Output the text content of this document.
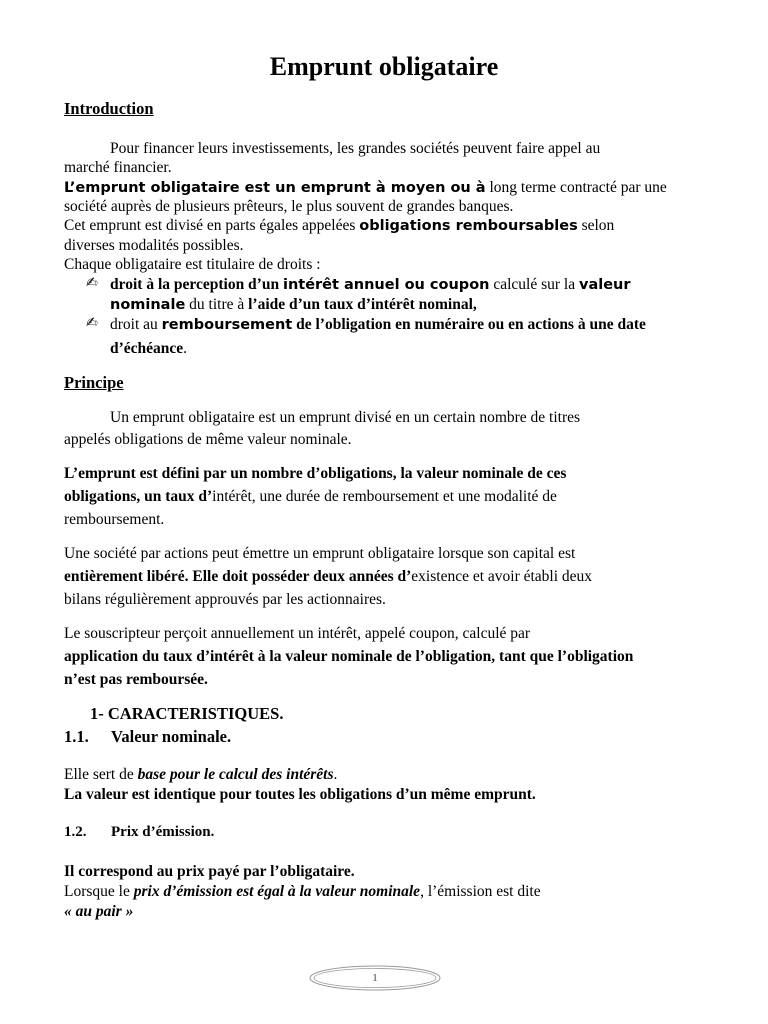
Emprunt obligataire

Introduction

Pour financer leurs investissements, les grandes sociétés peuvent faire appel au

marché financier.

L’emprunt obligataire est un emprunt à moyen ou à long terme contracté par une

société auprès de plusieurs prêteurs, le plus souvent de grandes banques.

Cet emprunt est divisé en parts égales appelées obligations remboursables selon

diverses modalités possibles.

Chaque obligataire est titulaire de droits :

✍ droit à la perception d’un intérêt annuel ou coupon calculé sur la valeur

nominale du titre à l’aide d’un taux d’intérêt nominal,

✍ droit au remboursement de l’obligation en numéraire ou en actions à une date

d’échéance.

Principe

Un emprunt obligataire est un emprunt divisé en un certain nombre de titres

appelés obligations de même valeur nominale.

L’emprunt est défini par un nombre d’obligations, la valeur nominale de ces

obligations, un taux d’intérêt, une durée de remboursement et une modalité de

remboursement.

Une société par actions peut émettre un emprunt obligataire lorsque son capital est

entièrement libéré. Elle doit posséder deux années d’existence et avoir établi deux

bilans régulièrement approuvés par les actionnaires.

Le souscripteur perçoit annuellement un intérêt, appelé coupon, calculé par

application du taux d’intérêt à la valeur nominale de l’obligation, tant que l’obligation

n’est pas remboursée.

1- CARACTERISTIQUES.

1.1. Valeur nominale.

Elle sert de base pour le calcul des intérêts.

La valeur est identique pour toutes les obligations d’un même emprunt.

1.2. Prix d’émission.

Il correspond au prix payé par l’obligataire.

Lorsque le prix d’émission est égal à la valeur nominale, l’émission est dite

« au pair »

1
